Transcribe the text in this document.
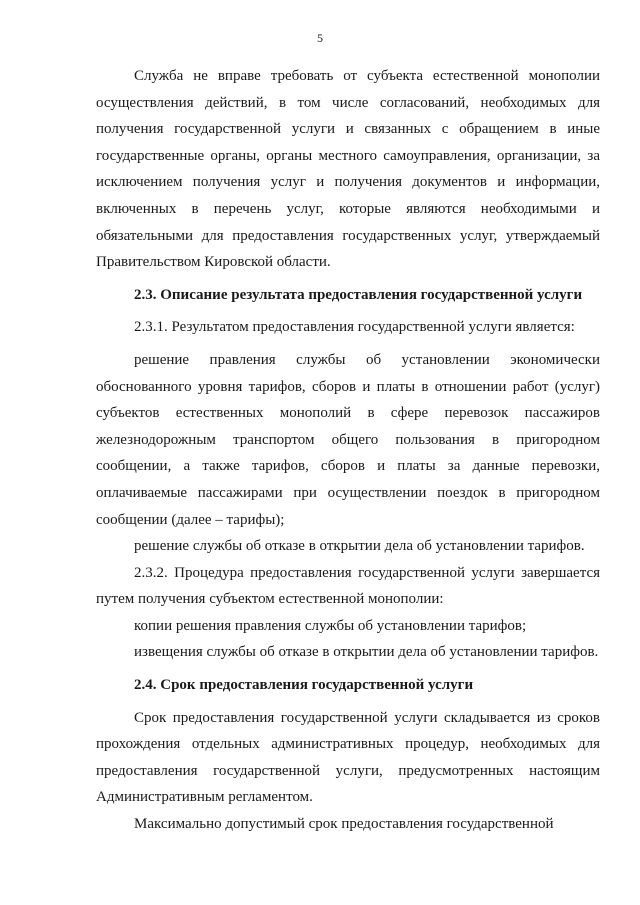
5

Служба не вправе требовать от субъекта естественной монополии осуществления действий, в том числе согласований, необходимых для получения государственной услуги и связанных с обращением в иные государственные органы, органы местного самоуправления, организации, за исключением получения услуг и получения документов и информации, включенных в перечень услуг, которые являются необходимыми и обязательными для предоставления государственных услуг, утверждаемый Правительством Кировской области.

2.3. Описание результата предоставления государственной услуги

2.3.1. Результатом предоставления государственной услуги является:

решение правления службы об установлении экономически обоснованного уровня тарифов, сборов и платы в отношении работ (услуг) субъектов естественных монополий в сфере перевозок пассажиров железнодорожным транспортом общего пользования в пригородном сообщении, а также тарифов, сборов и платы за данные перевозки, оплачиваемые пассажирами при осуществлении поездок в пригородном сообщении (далее – тарифы);

решение службы об отказе в открытии дела об установлении тарифов.

2.3.2. Процедура предоставления государственной услуги завершается путем получения субъектом естественной монополии:

копии решения правления службы об установлении тарифов;

извещения службы об отказе в открытии дела об установлении тарифов.

2.4. Срок предоставления государственной услуги

Срок предоставления государственной услуги складывается из сроков прохождения отдельных административных процедур, необходимых для предоставления государственной услуги, предусмотренных настоящим Административным регламентом.

Максимально допустимый срок предоставления государственной
